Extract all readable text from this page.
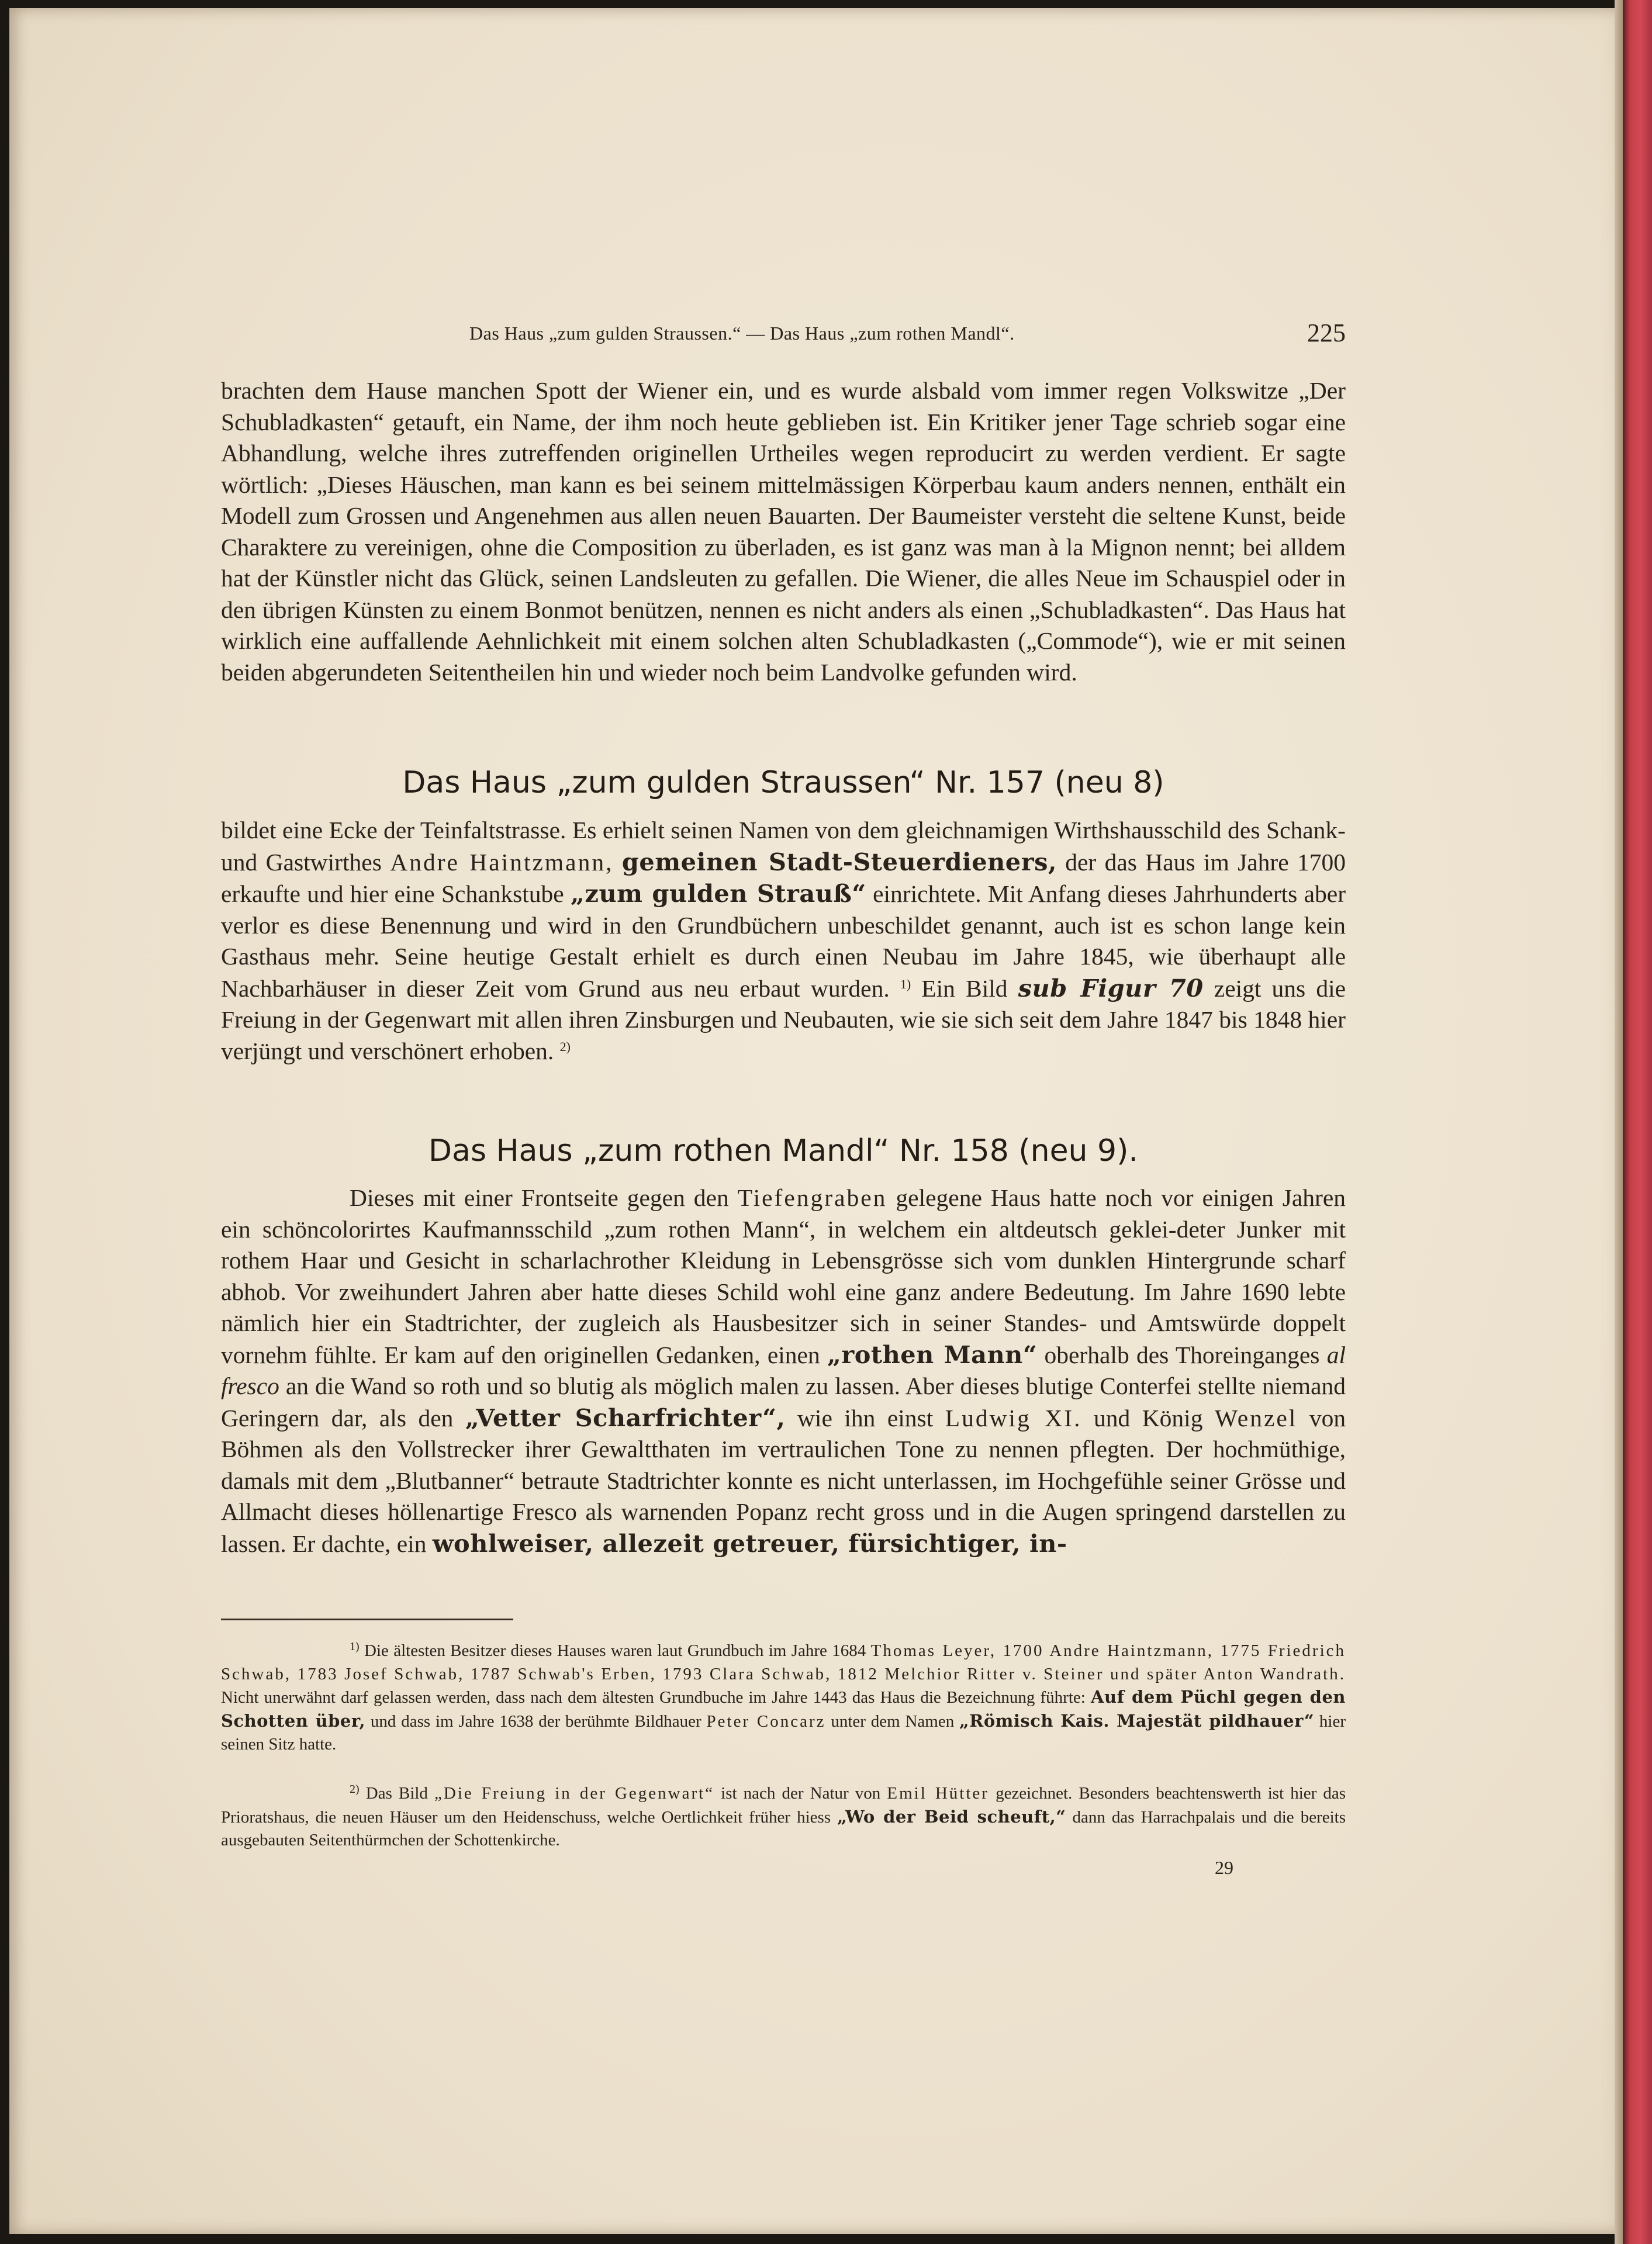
Das Haus „zum gulden Straussen.“ — Das Haus „zum rothen Mandl“.	225

brachten dem Hause manchen Spott der Wiener ein, und es wurde alsbald vom immer regen Volkswitze „Der Schubladkasten“ getauft, ein Name, der ihm noch heute geblieben ist. Ein Kritiker jener Tage schrieb sogar eine Abhandlung, welche ihres zutreffenden originellen Urtheiles wegen reproducirt zu werden verdient. Er sagte wörtlich: „Dieses Häuschen, man kann es bei seinem mittelmässigen Körperbau kaum anders nennen, enthält ein Modell zum Grossen und Angenehmen aus allen neuen Bauarten. Der Baumeister versteht die seltene Kunst, beide Charaktere zu vereinigen, ohne die Composition zu überladen, es ist ganz was man à la Mignon nennt; bei alldem hat der Künstler nicht das Glück, seinen Landsleuten zu gefallen. Die Wiener, die alles Neue im Schauspiel oder in den übrigen Künsten zu einem Bonmot benützen, nennen es nicht anders als einen „Schubladkasten“. Das Haus hat wirklich eine auffallende Aehnlichkeit mit einem solchen alten Schubladkasten („Commode“), wie er mit seinen beiden abgerundeten Seitentheilen hin und wieder noch beim Landvolke gefunden wird.

Das Haus „zum gulden Straussen“ Nr. 157 (neu 8)

bildet eine Ecke der Teinfaltstrasse. Es erhielt seinen Namen von dem gleichnamigen Wirthshausschild des Schank- und Gastwirthes Andre Haintzmann, gemeinen Stadt-Steuerdieners, der das Haus im Jahre 1700 erkaufte und hier eine Schankstube „zum gulden Strauß“ einrichtete. Mit Anfang dieses Jahrhunderts aber verlor es diese Benennung und wird in den Grundbüchern unbeschildet genannt, auch ist es schon lange kein Gasthaus mehr. Seine heutige Gestalt erhielt es durch einen Neubau im Jahre 1845, wie überhaupt alle Nachbarhäuser in dieser Zeit vom Grund aus neu erbaut wurden. $^{1)}$ Ein Bild sub Figur 70 zeigt uns die Freiung in der Gegenwart mit allen ihren Zinsburgen und Neubauten, wie sie sich seit dem Jahre 1847 bis 1848 hier verjüngt und verschönert erhoben. $^{2)}$

Das Haus „zum rothen Mandl“ Nr. 158 (neu 9).

Dieses mit einer Frontseite gegen den Tiefengraben gelegene Haus hatte noch vor einigen Jahren ein schöncolorirtes Kaufmannsschild „zum rothen Mann“, in welchem ein altdeutsch geklei-deter Junker mit rothem Haar und Gesicht in scharlachrother Kleidung in Lebensgrösse sich vom dunklen Hintergrunde scharf abhob. Vor zweihundert Jahren aber hatte dieses Schild wohl eine ganz andere Bedeutung. Im Jahre 1690 lebte nämlich hier ein Stadtrichter, der zugleich als Hausbesitzer sich in seiner Standes- und Amtswürde doppelt vornehm fühlte. Er kam auf den originellen Gedanken, einen „rothen Mann“ oberhalb des Thoreinganges al fresco an die Wand so roth und so blutig als möglich malen zu lassen. Aber dieses blutige Conterfei stellte niemand Geringern dar, als den „Vetter Scharfrichter“, wie ihn einst Ludwig XI. und König Wenzel von Böhmen als den Vollstrecker ihrer Gewaltthaten im vertraulichen Tone zu nennen pflegten. Der hochmüthige, damals mit dem „Blutbanner“ betraute Stadtrichter konnte es nicht unterlassen, im Hochgefühle seiner Grösse und Allmacht dieses höllenartige Fresco als warnenden Popanz recht gross und in die Augen springend darstellen zu lassen. Er dachte, ein wohlweiser, allezeit getreuer, fürsichtiger, in-

$^{1)}$ Die ältesten Besitzer dieses Hauses waren laut Grundbuch im Jahre 1684 Thomas Leyer, 1700 Andre Haintzmann, 1775 Friedrich Schwab, 1783 Josef Schwab, 1787 Schwab's Erben, 1793 Clara Schwab, 1812 Melchior Ritter v. Steiner und später Anton Wandrath. Nicht unerwähnt darf gelassen werden, dass nach dem ältesten Grundbuche im Jahre 1443 das Haus die Bezeichnung führte: Auf dem Püchl gegen den Schotten über, und dass im Jahre 1638 der berühmte Bildhauer Peter Concarz unter dem Namen „Römisch Kais. Majestät pildhauer“ hier seinen Sitz hatte.

$^{2)}$ Das Bild „Die Freiung in der Gegenwart“ ist nach der Natur von Emil Hütter gezeichnet. Besonders beachtenswerth ist hier das Prioratshaus, die neuen Häuser um den Heidenschuss, welche Oertlichkeit früher hiess „Wo der Beid scheuft,“ dann das Harrachpalais und die bereits ausgebauten Seitenthürmchen der Schottenkirche.

29
